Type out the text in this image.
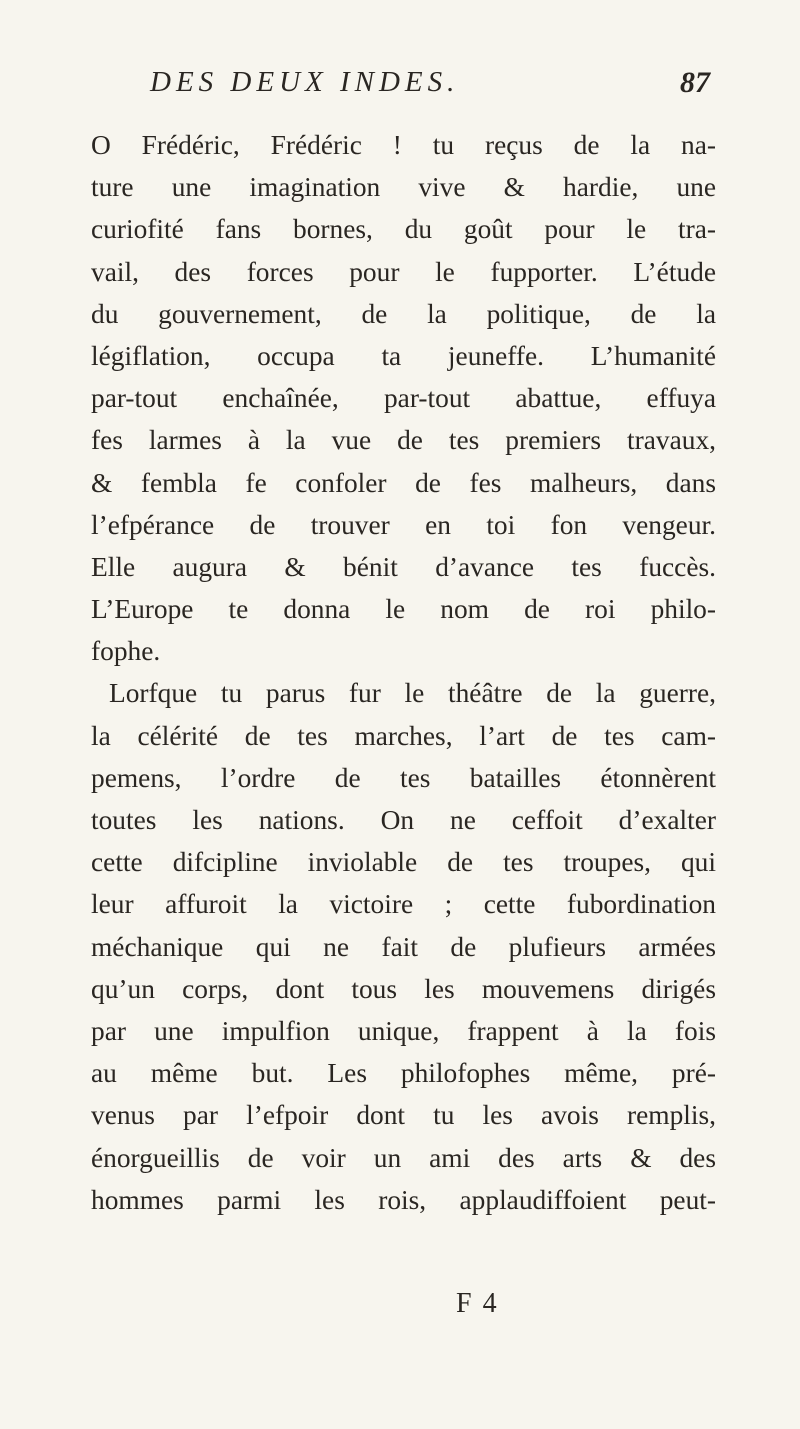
DES DEUX INDES.	87
O Frédéric, Frédéric ! tu reçus de la na-
ture une imagination vive & hardie, une
curiofité fans bornes, du goût pour le tra-
vail, des forces pour le fupporter. L’étude
du gouvernement, de la politique, de la
légiflation, occupa ta jeuneffe. L’humanité
par-tout enchaînée, par-tout abattue, effuya
fes larmes à la vue de tes premiers travaux,
& fembla fe confoler de fes malheurs, dans
l’efpérance de trouver en toi fon vengeur.
Elle augura & bénit d’avance tes fuccès.
L’Europe te donna le nom de roi philo-
fophe.
Lorfque tu parus fur le théâtre de la guerre,
la célérité de tes marches, l’art de tes cam-
pemens, l’ordre de tes batailles étonnèrent
toutes les nations. On ne ceffoit d’exalter
cette difcipline inviolable de tes troupes, qui
leur affuroit la victoire ; cette fubordination
méchanique qui ne fait de plufieurs armées
qu’un corps, dont tous les mouvemens dirigés
par une impulfion unique, frappent à la fois
au même but. Les philofophes même, pré-
venus par l’efpoir dont tu les avois remplis,
énorgueillis de voir un ami des arts & des
hommes parmi les rois, applaudiffoient peut-
F 4
